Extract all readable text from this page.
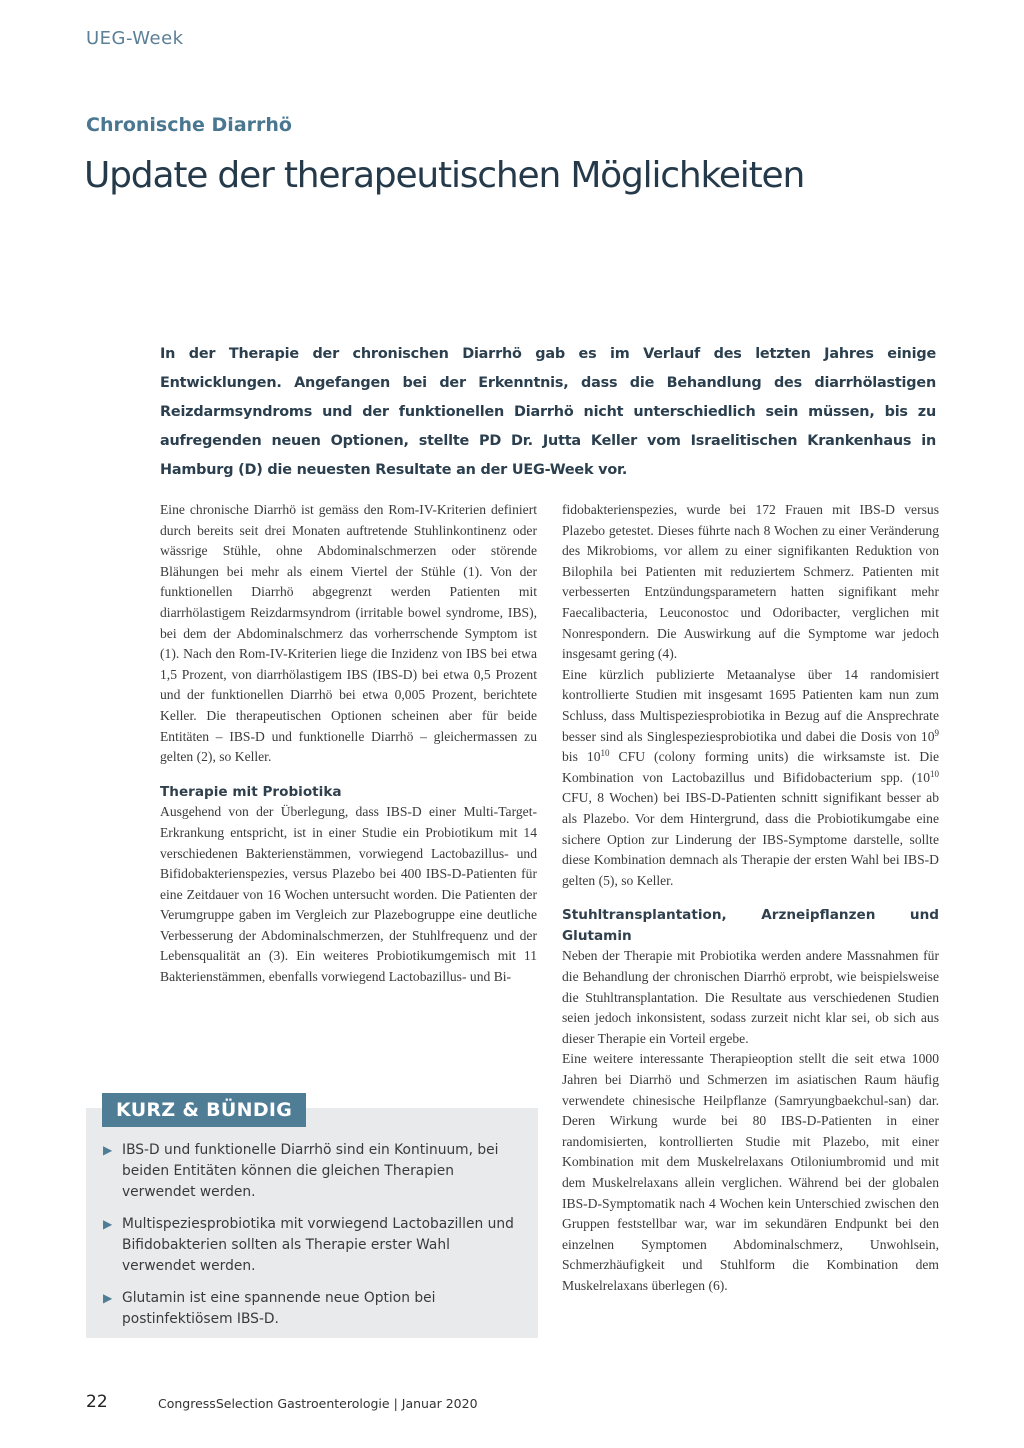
UEG-Week
Chronische Diarrhö
Update der therapeutischen Möglichkeiten

In der Therapie der chronischen Diarrhö gab es im Verlauf des letzten Jahres einige Entwicklungen. Angefangen bei der Erkenntnis, dass die Behandlung des diarrhölastigen Reizdarmsyndroms und der funktionellen Diarrhö nicht unterschiedlich sein müssen, bis zu aufregenden neuen Optionen, stellte PD Dr. Jutta Keller vom Israelitischen Krankenhaus in Hamburg (D) die neuesten Resultate an der UEG-Week vor.

Eine chronische Diarrhö ist gemäss den Rom-IV-Kriterien definiert durch bereits seit drei Monaten auftretende Stuhlinkontinenz oder wässrige Stühle, ohne Abdominalschmerzen oder störende Blähungen bei mehr als einem Viertel der Stühle (1). Von der funktionellen Diarrhö abgegrenzt werden Patienten mit diarrhölastigem Reizdarmsyndrom (irritable bowel syndrome, IBS), bei dem der Abdominalschmerz das vorherrschende Symptom ist (1). Nach den Rom-IV-Kriterien liege die Inzidenz von IBS bei etwa 1,5 Prozent, von diarrhölastigem IBS (IBS-D) bei etwa 0,5 Prozent und der funktionellen Diarrhö bei etwa 0,005 Prozent, berichtete Keller. Die therapeutischen Optionen scheinen aber für beide Entitäten – IBS-D und funktionelle Diarrhö – gleichermassen zu gelten (2), so Keller.

Therapie mit Probiotika

Ausgehend von der Überlegung, dass IBS-D einer Multi-Target-Erkrankung entspricht, ist in einer Studie ein Probiotikum mit 14 verschiedenen Bakterienstämmen, vorwiegend Lactobazillus- und Bifidobakterienspezies, versus Plazebo bei 400 IBS-D-Patienten für eine Zeitdauer von 16 Wochen untersucht worden. Die Patienten der Verumgruppe gaben im Vergleich zur Plazebogruppe eine deutliche Verbesserung der Abdominalschmerzen, der Stuhlfrequenz und der Lebensqualität an (3). Ein weiteres Probiotikumgemisch mit 11 Bakterienstämmen, ebenfalls vorwiegend Lactobazillus- und Bi-

fidobakterienspezies, wurde bei 172 Frauen mit IBS-D versus Plazebo getestet. Dieses führte nach 8 Wochen zu einer Veränderung des Mikrobioms, vor allem zu einer signifikanten Reduktion von Bilophila bei Patienten mit reduziertem Schmerz. Patienten mit verbesserten Entzündungsparametern hatten signifikant mehr Faecalibacteria, Leuconostoc und Odoribacter, verglichen mit Nonrespondern. Die Auswirkung auf die Symptome war jedoch insgesamt gering (4).

Eine kürzlich publizierte Metaanalyse über 14 randomisiert kontrollierte Studien mit insgesamt 1695 Patienten kam nun zum Schluss, dass Multispeziesprobiotika in Bezug auf die Ansprechrate besser sind als Singlespeziesprobiotika und dabei die Dosis von $10^9$ bis $10^{10}$ CFU (colony forming units) die wirksamste ist. Die Kombination von Lactobazillus und Bifidobacterium spp. ($10^{10}$ CFU, 8 Wochen) bei IBS-D-Patienten schnitt signifikant besser ab als Plazebo. Vor dem Hintergrund, dass die Probiotikumgabe eine sichere Option zur Linderung der IBS-Symptome darstelle, sollte diese Kombination demnach als Therapie der ersten Wahl bei IBS-D gelten (5), so Keller.

Stuhltransplantation, Arzneipflanzen und Glutamin

Neben der Therapie mit Probiotika werden andere Massnahmen für die Behandlung der chronischen Diarrhö erprobt, wie beispielsweise die Stuhltransplantation. Die Resultate aus verschiedenen Studien seien jedoch inkonsistent, sodass zurzeit nicht klar sei, ob sich aus dieser Therapie ein Vorteil ergebe.

Eine weitere interessante Therapieoption stellt die seit etwa 1000 Jahren bei Diarrhö und Schmerzen im asiatischen Raum häufig verwendete chinesische Heilpflanze (Samryungbaekchul-san) dar. Deren Wirkung wurde bei 80 IBS-D-Patienten in einer randomisierten, kontrollierten Studie mit Plazebo, mit einer Kombination mit dem Muskelrelaxans Otiloniumbromid und mit dem Muskelrelaxans allein verglichen. Während bei der globalen IBS-D-Symptomatik nach 4 Wochen kein Unterschied zwischen den Gruppen feststellbar war, war im sekundären Endpunkt bei den einzelnen Symptomen Abdominalschmerz, Unwohlsein, Schmerzhäufigkeit und Stuhlform die Kombination dem Muskelrelaxans überlegen (6).

▶ IBS-D und funktionelle Diarrhö sind ein Kontinuum, bei beiden Entitäten können die gleichen Therapien verwendet werden.
▶ Multispeziesprobiotika mit vorwiegend Lactobazillen und Bifidobakterien sollten als Therapie erster Wahl verwendet werden.
▶ Glutamin ist eine spannende neue Option bei postinfektiösem IBS-D.
KURZ & BÜNDIG
22	CongressSelection Gastroenterologie | Januar 2020
